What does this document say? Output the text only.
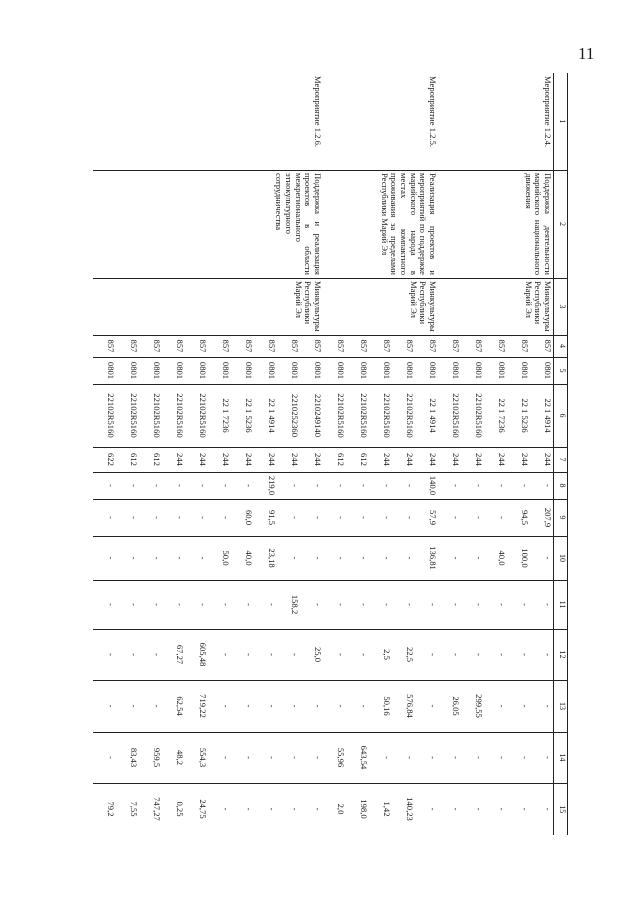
11
1	2	3	4	5	6	7	8	9	10	11	12	13	14	15
Мероприятие 1.2.4.	Поддержка деятельности марийского национального движения	Минкультуры Республики Марий Эл	857	0801	22 1 4914	244	-	207,9	-	-	-	-	-	-
			857	0801	22 1 5236	244	-	94,5	100,0	-	-	-	-	-
			857	0801	22 1 7236	244	-	-	40,0	-	-	-	-	-
			857	0801	22102R5160	244	-	-	-	-	-	299,55	-	-
			857	0801	22102R5160	244	-	-	-	-	-	26,05	-	-
Мероприятие 1.2.5.	Реализация проектов и мероприятий по поддержке марийского народа в местах компактного проживания за пределами Республики Марий Эл	Минкультуры Республики Марий Эл	857	0801	22 1 4914	244	140,0	57,9	136,81	-	-	-	-	-
			857	0801	22102R5160	244	-	-	-	-	22,5	576,84	-	140,23
			857	0801	22102R5160	244	-	-	-	-	2,5	50,16	-	1,42
			857	0801	22102R5160	612	-	-	-	-	-	-	643,54	198,0
			857	0801	22102R5160	612	-	-	-	-	-	-	55,96	2,0
Мероприятие 1.2.6.	Поддержка и реализация проектов в области межрегионального этнокультурного сотрудничества	Минкультуры Республики Марий Эл	857	0801	2210249140	244	-	-	-	-	25,0	-	-	-
			857	0801	2210252360	244	-	-	-	158,2	-	-	-	-
			857	0801	22 1 4914	244	219,0	91,5	23,18	-	-	-	-	-
			857	0801	22 1 5236	244	-	60,0	40,0	-	-	-	-	-
			857	0801	22 1 7236	244	-	-	50,0	-	-	-	-	-
			857	0801	22102R5160	244	-	-	-	-	605,48	719,22	554,3	24,75
			857	0801	22102R5160	244	-	-	-	-	67,27	62,54	48,2	0,25
			857	0801	22102R5160	612	-	-	-	-	-	-	959,5	747,27
			857	0801	22102R5160	612	-	-	-	-	-	-	83,43	7,55
			857	0801	22102R5160	622	-	-	-	-	-	-	-	79,2
